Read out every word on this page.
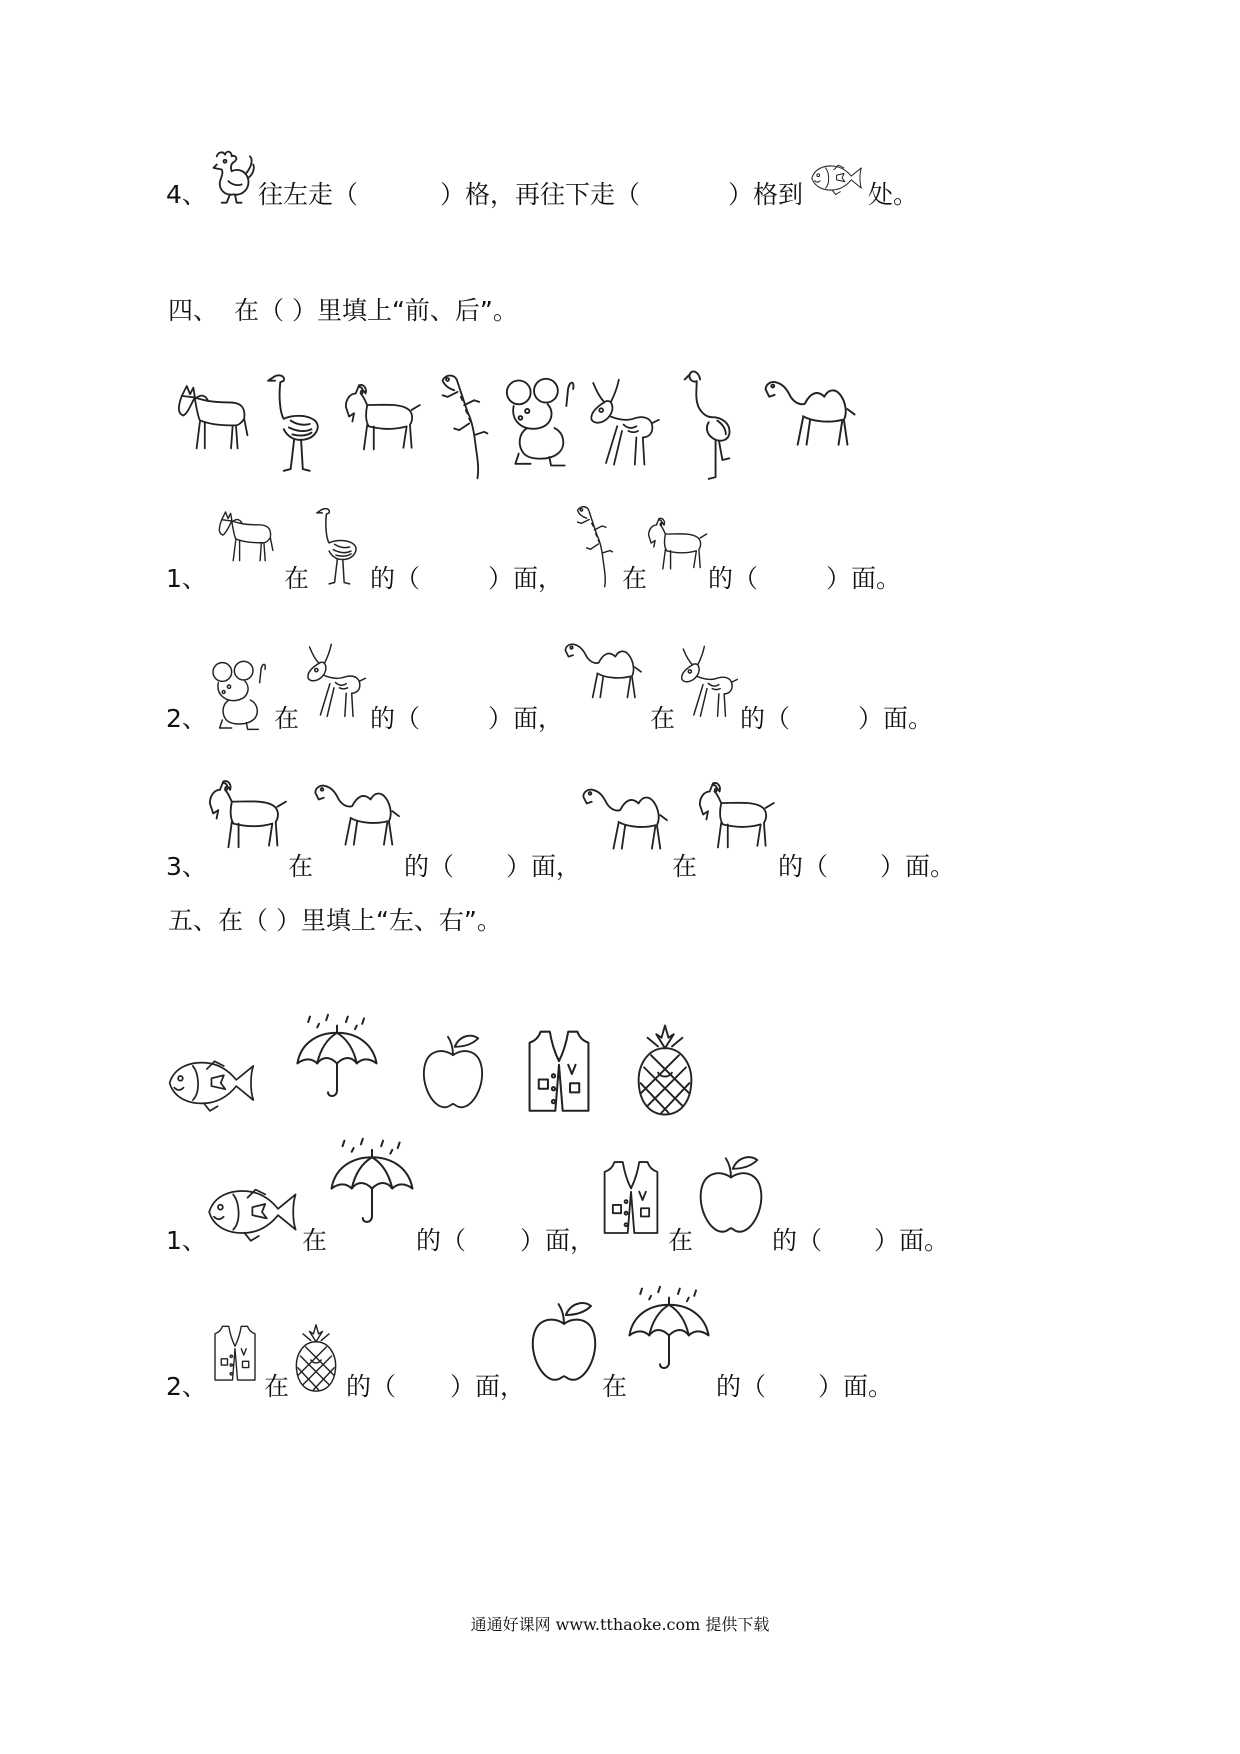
4、 往左走（	）格，再往下走（	）格到	处。
四、 在（ ）里填上“前、后”。
1、	在 的（	）面， 在 的（	）面。
2、	在	的（	）面，	在	的（	）面。
3、	在	的（ ）面，	在	的（ ）面。
五、在（ ）里填上“左、右”。
1、	在	的（ ）面，	在	的（ ）面。
2、 在 的（ ）面，	在	的（ ）面。
通通好课网 www.tthaoke.com 提供下载
